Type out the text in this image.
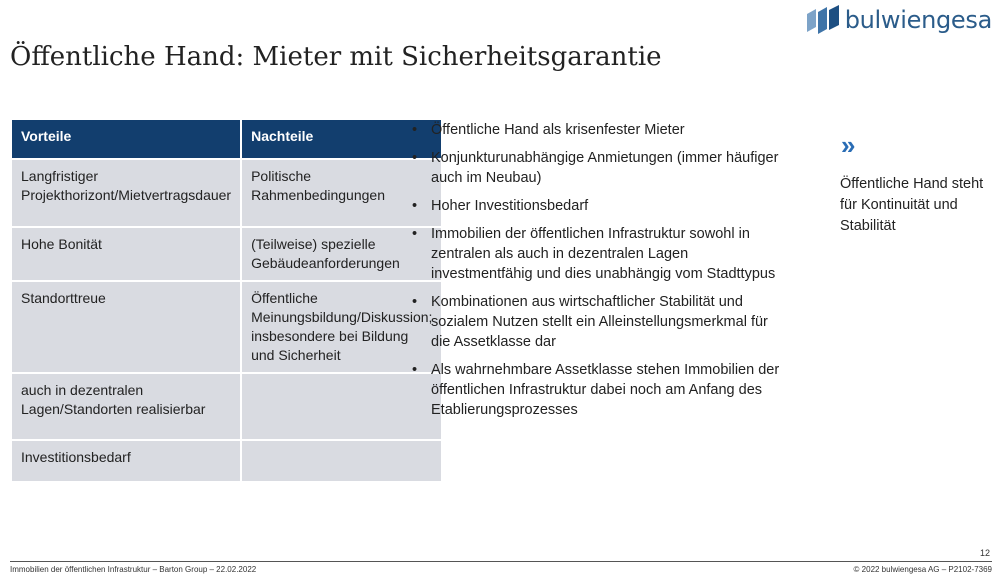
bulwiengesa
Öffentliche Hand: Mieter mit Sicherheitsgarantie
Vorteile	Nachteile
Langfristiger Projekthorizont/Mietvertragsdauer	Politische Rahmenbedingungen
Hohe Bonität	(Teilweise) spezielle Gebäudeanforderungen
Standorttreue	Öffentliche Meinungsbildung/Diskussion; insbesondere bei Bildung und Sicherheit
auch in dezentralen Lagen/Standorten realisierbar	
Investitionsbedarf	
• Öffentliche Hand als krisenfester Mieter
• Konjunkturunabhängige Anmietungen (immer häufiger auch im Neubau)
• Hoher Investitionsbedarf
• Immobilien der öffentlichen Infrastruktur sowohl in zentralen als auch in dezentralen Lagen investmentfähig und dies unabhängig vom Stadttypus
• Kombinationen aus wirtschaftlicher Stabilität und sozialem Nutzen stellt ein Alleinstellungsmerkmal für die Assetklasse dar
• Als wahrnehmbare Assetklasse stehen Immobilien der öffentlichen Infrastruktur dabei noch am Anfang des Etablierungsprozesses
»
Öffentliche Hand steht für Kontinuität und Stabilität
12
Immobilien der öffentlichen Infrastruktur – Barton Group – 22.02.2022	© 2022 bulwiengesa AG – P2102-7369
